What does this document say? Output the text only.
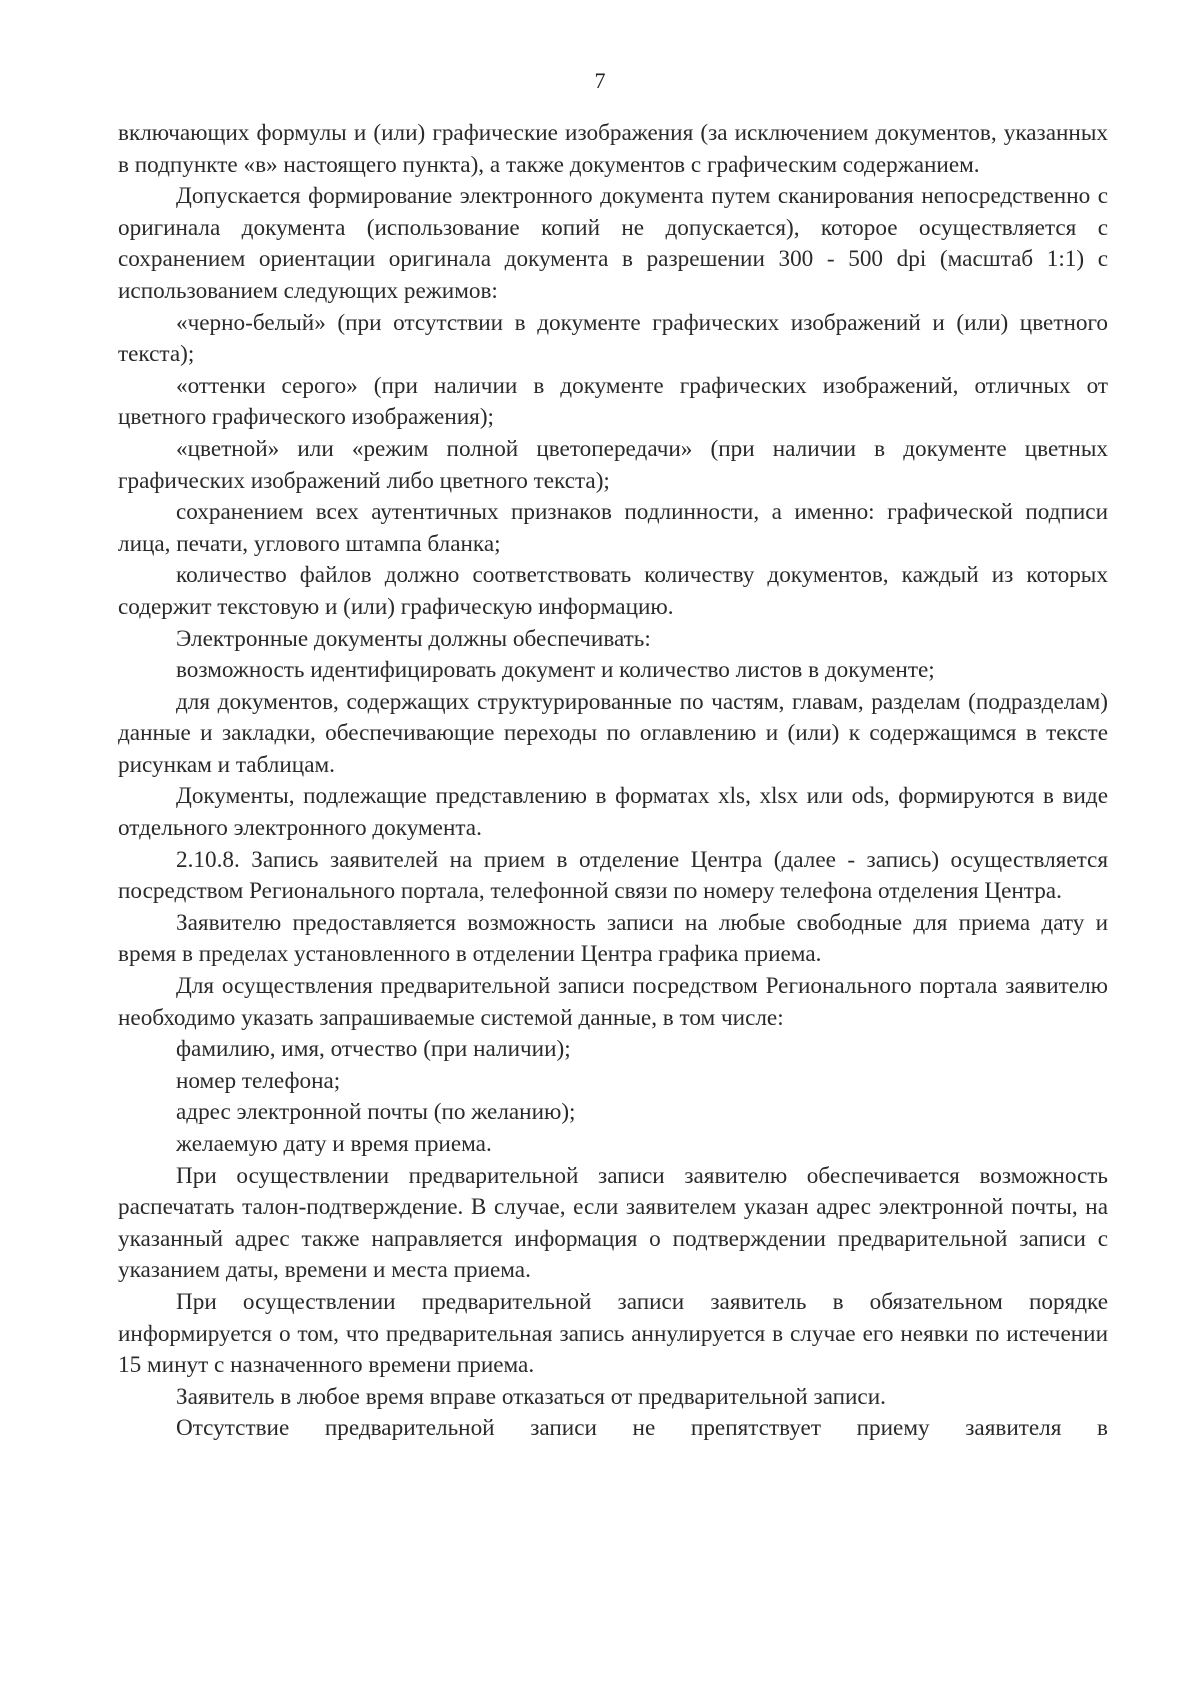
7

включающих формулы и (или) графические изображения (за исключением документов, указанных в подпункте «в» настоящего пункта), а также документов с графическим содержанием.

Допускается формирование электронного документа путем сканирования непосредственно с оригинала документа (использование копий не допускается), которое осуществляется с сохранением ориентации оригинала документа в разрешении 300 - 500 dpi (масштаб 1:1) с использованием следующих режимов:

«черно-белый» (при отсутствии в документе графических изображений и (или) цветного текста);

«оттенки серого» (при наличии в документе графических изображений, отличных от цветного графического изображения);

«цветной» или «режим полной цветопередачи» (при наличии в документе цветных графических изображений либо цветного текста);

сохранением всех аутентичных признаков подлинности, а именно: графической подписи лица, печати, углового штампа бланка;

количество файлов должно соответствовать количеству документов, каждый из которых содержит текстовую и (или) графическую информацию.

Электронные документы должны обеспечивать:

возможность идентифицировать документ и количество листов в документе;

для документов, содержащих структурированные по частям, главам, разделам (подразделам) данные и закладки, обеспечивающие переходы по оглавлению и (или) к содержащимся в тексте рисункам и таблицам.

Документы, подлежащие представлению в форматах xls, xlsx или ods, формируются в виде отдельного электронного документа.

2.10.8. Запись заявителей на прием в отделение Центра (далее - запись) осуществляется посредством Регионального портала, телефонной связи по номеру телефона отделения Центра.

Заявителю предоставляется возможность записи на любые свободные для приема дату и время в пределах установленного в отделении Центра графика приема.

Для осуществления предварительной записи посредством Регионального портала заявителю необходимо указать запрашиваемые системой данные, в том числе:

фамилию, имя, отчество (при наличии);

номер телефона;

адрес электронной почты (по желанию);

желаемую дату и время приема.

При осуществлении предварительной записи заявителю обеспечивается возможность распечатать талон-подтверждение. В случае, если заявителем указан адрес электронной почты, на указанный адрес также направляется информация о подтверждении предварительной записи с указанием даты, времени и места приема.

При осуществлении предварительной записи заявитель в обязательном порядке информируется о том, что предварительная запись аннулируется в случае его неявки по истечении 15 минут с назначенного времени приема.

Заявитель в любое время вправе отказаться от предварительной записи.

Отсутствие предварительной записи не препятствует приему заявителя в
